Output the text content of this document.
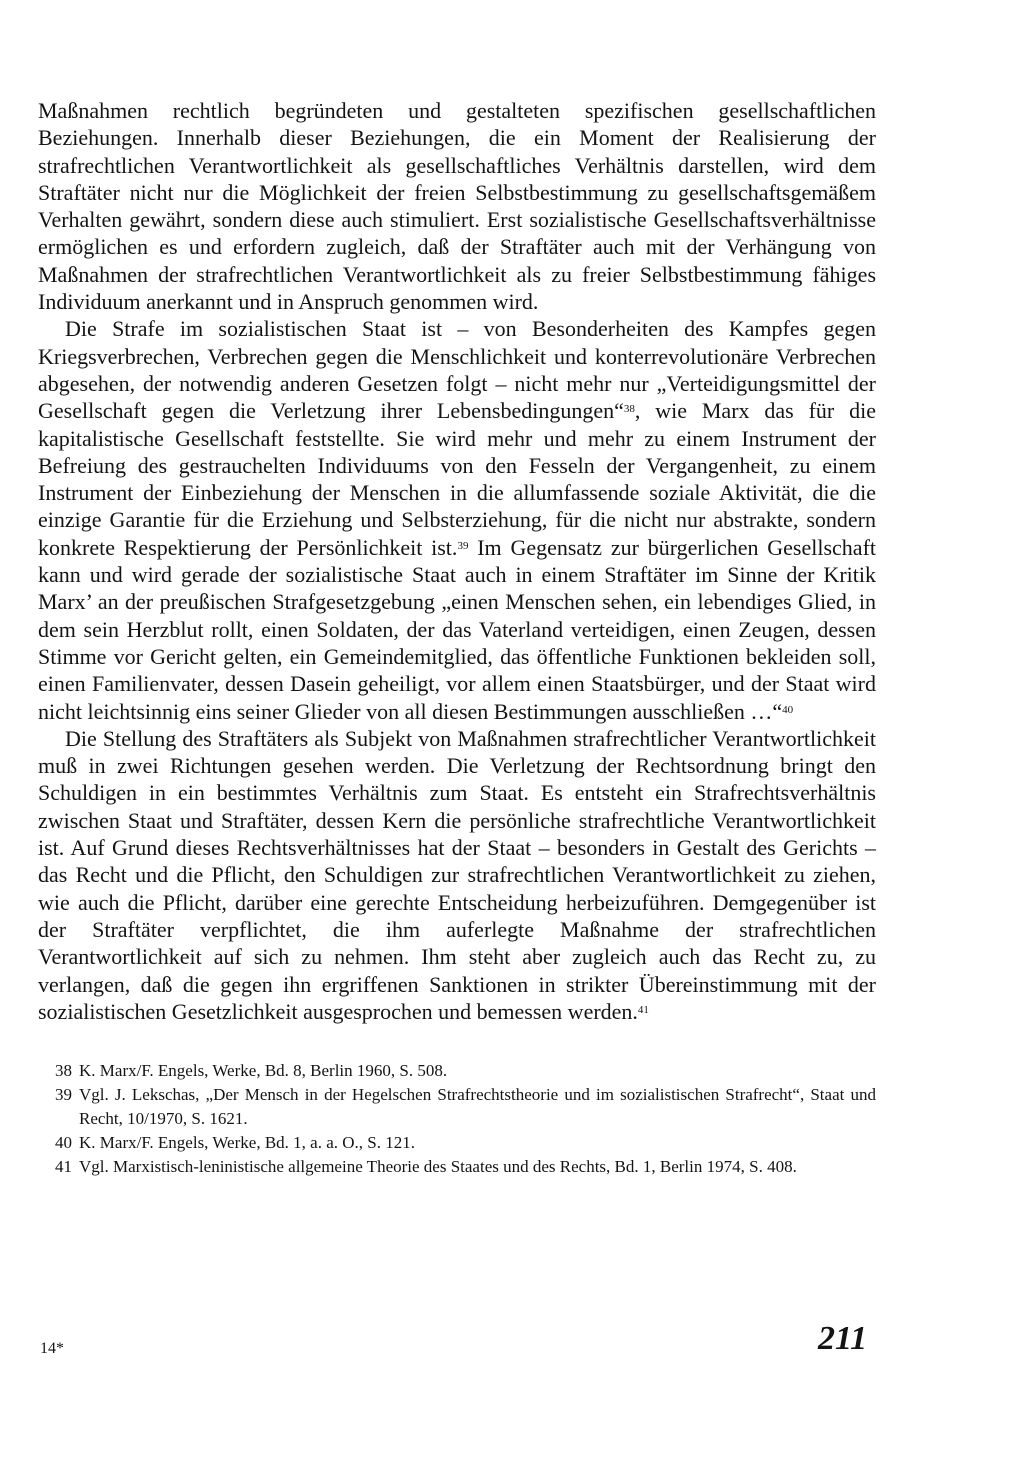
Maßnahmen rechtlich begründeten und gestalteten spezifischen gesellschaftlichen Beziehungen. Innerhalb dieser Beziehungen, die ein Moment der Realisierung der strafrechtlichen Verantwortlichkeit als gesellschaftliches Verhältnis darstellen, wird dem Straftäter nicht nur die Möglichkeit der freien Selbstbestimmung zu gesellschaftsgemäßem Verhalten gewährt, sondern diese auch stimuliert. Erst sozialistische Gesellschaftsverhältnisse ermöglichen es und erfordern zugleich, daß der Straftäter auch mit der Verhängung von Maßnahmen der strafrechtlichen Verantwortlichkeit als zu freier Selbstbestimmung fähiges Individuum anerkannt und in Anspruch genommen wird.

Die Strafe im sozialistischen Staat ist – von Besonderheiten des Kampfes gegen Kriegsverbrechen, Verbrechen gegen die Menschlichkeit und konterrevolutionäre Verbrechen abgesehen, der notwendig anderen Gesetzen folgt – nicht mehr nur „Verteidigungsmittel der Gesellschaft gegen die Verletzung ihrer Lebensbedingungen“$^{38}$, wie Marx das für die kapitalistische Gesellschaft feststellte. Sie wird mehr und mehr zu einem Instrument der Befreiung des gestrauchelten Individuums von den Fesseln der Vergangenheit, zu einem Instrument der Einbeziehung der Menschen in die allumfassende soziale Aktivität, die die einzige Garantie für die Erziehung und Selbsterziehung, für die nicht nur abstrakte, sondern konkrete Respektierung der Persönlichkeit ist.$^{39}$ Im Gegensatz zur bürgerlichen Gesellschaft kann und wird gerade der sozialistische Staat auch in einem Straftäter im Sinne der Kritik Marx’ an der preußischen Strafgesetzgebung „einen Menschen sehen, ein lebendiges Glied, in dem sein Herzblut rollt, einen Soldaten, der das Vaterland verteidigen, einen Zeugen, dessen Stimme vor Gericht gelten, ein Gemeindemitglied, das öffentliche Funktionen bekleiden soll, einen Familienvater, dessen Dasein geheiligt, vor allem einen Staatsbürger, und der Staat wird nicht leichtsinnig eins seiner Glieder von all diesen Bestimmungen ausschließen …“$^{40}$

Die Stellung des Straftäters als Subjekt von Maßnahmen strafrechtlicher Verantwortlichkeit muß in zwei Richtungen gesehen werden. Die Verletzung der Rechtsordnung bringt den Schuldigen in ein bestimmtes Verhältnis zum Staat. Es entsteht ein Strafrechtsverhältnis zwischen Staat und Straftäter, dessen Kern die persönliche strafrechtliche Verantwortlichkeit ist. Auf Grund dieses Rechtsverhältnisses hat der Staat – besonders in Gestalt des Gerichts – das Recht und die Pflicht, den Schuldigen zur strafrechtlichen Verantwortlichkeit zu ziehen, wie auch die Pflicht, darüber eine gerechte Entscheidung herbeizuführen. Demgegenüber ist der Straftäter verpflichtet, die ihm auferlegte Maßnahme der strafrechtlichen Verantwortlichkeit auf sich zu nehmen. Ihm steht aber zugleich auch das Recht zu, zu verlangen, daß die gegen ihn ergriffenen Sanktionen in strikter Übereinstimmung mit der sozialistischen Gesetzlichkeit ausgesprochen und bemessen werden.$^{41}$

38 K. Marx/F. Engels, Werke, Bd. 8, Berlin 1960, S. 508.
39 Vgl. J. Lekschas, „Der Mensch in der Hegelschen Strafrechtstheorie und im sozialistischen Strafrecht“, Staat und Recht, 10/1970, S. 1621.
40 K. Marx/F. Engels, Werke, Bd. 1, a. a. O., S. 121.
41 Vgl. Marxistisch-leninistische allgemeine Theorie des Staates und des Rechts, Bd. 1, Berlin 1974, S. 408.
14*	211
